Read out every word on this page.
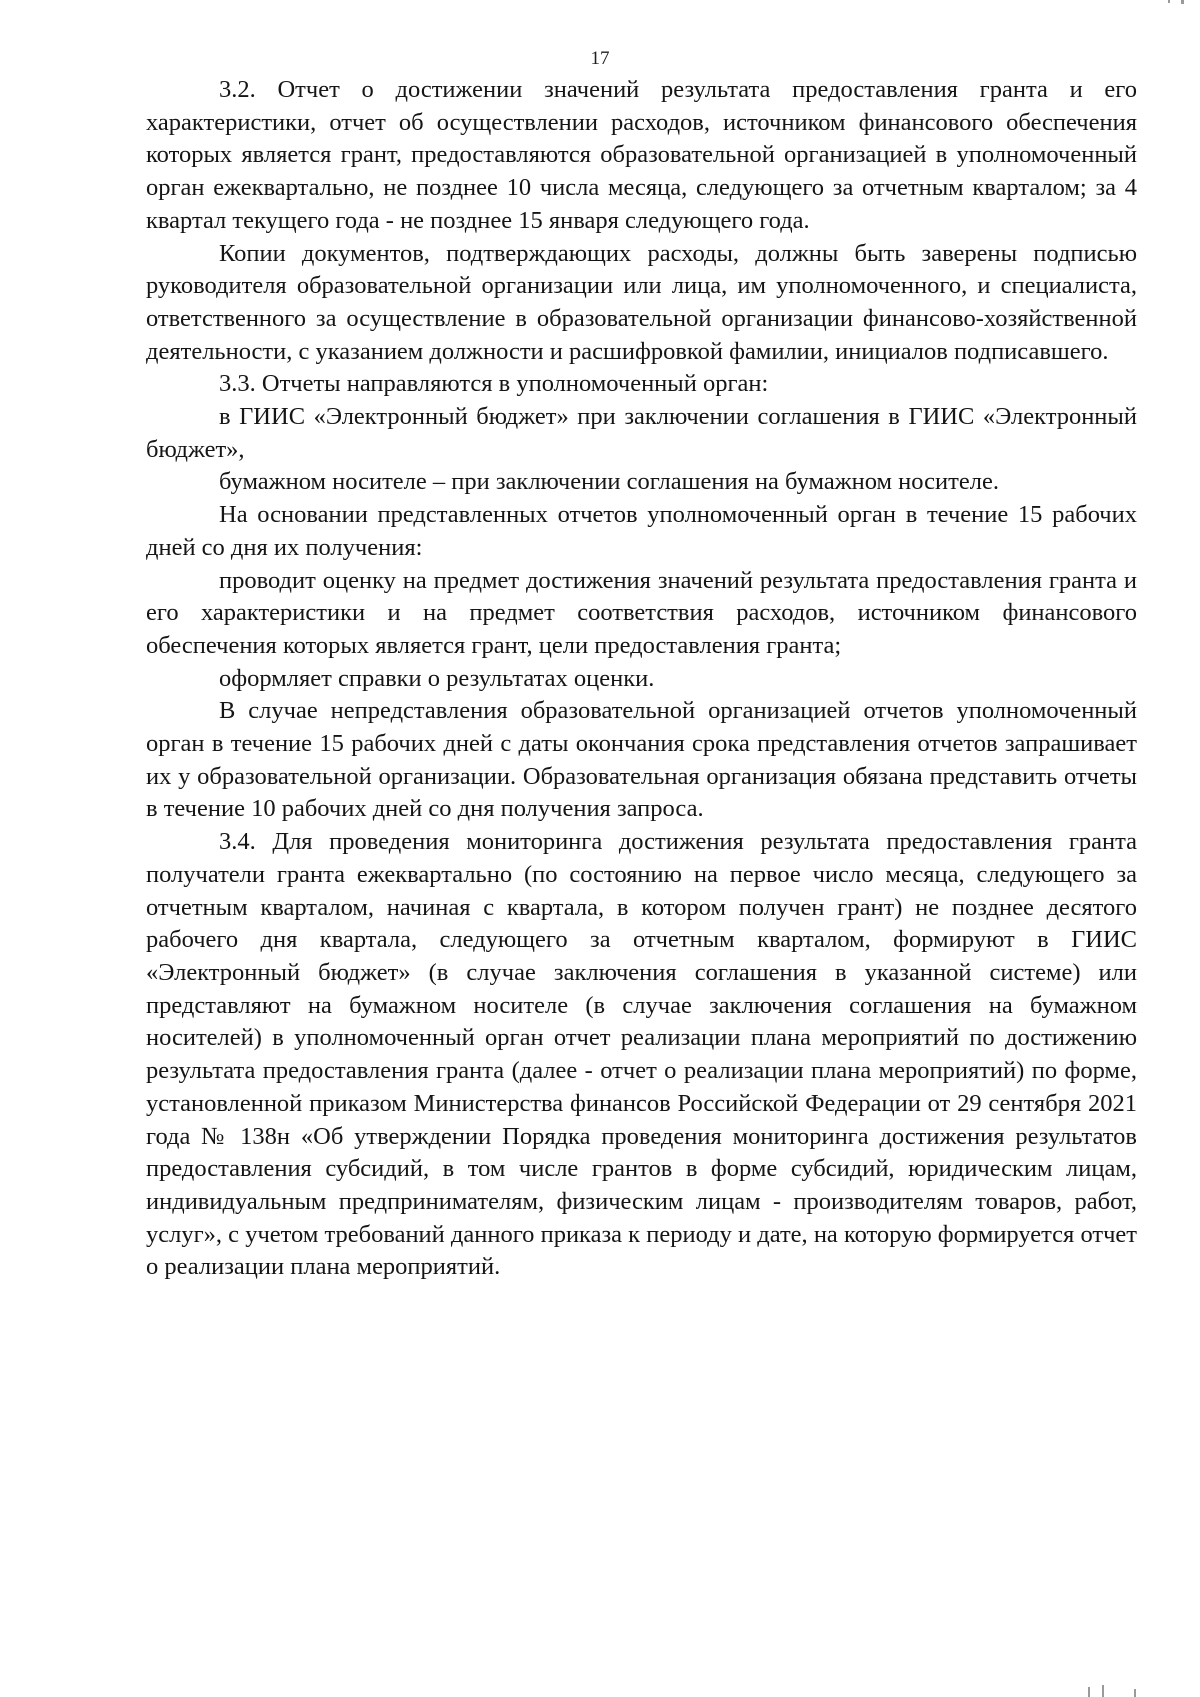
17

3.2. Отчет о достижении значений результата предоставления гранта и его характеристики, отчет об осуществлении расходов, источником финансового обеспечения которых является грант, предоставляются образовательной организацией в уполномоченный орган ежеквартально, не позднее 10 числа месяца, следующего за отчетным кварталом; за 4 квартал текущего года - не позднее 15 января следующего года.

Копии документов, подтверждающих расходы, должны быть заверены подписью руководителя образовательной организации или лица, им уполномоченного, и специалиста, ответственного за осуществление в образовательной организации финансово-хозяйственной деятельности, с указанием должности и расшифровкой фамилии, инициалов подписавшего.

3.3. Отчеты направляются в уполномоченный орган:

в ГИИС «Электронный бюджет» при заключении соглашения в ГИИС «Электронный бюджет»,

бумажном носителе – при заключении соглашения на бумажном носителе.

На основании представленных отчетов уполномоченный орган в течение 15 рабочих дней со дня их получения:

проводит оценку на предмет достижения значений результата предоставления гранта и его характеристики и на предмет соответствия расходов, источником финансового обеспечения которых является грант, цели предоставления гранта;

оформляет справки о результатах оценки.

В случае непредставления образовательной организацией отчетов уполномоченный орган в течение 15 рабочих дней с даты окончания срока представления отчетов запрашивает их у образовательной организации. Образовательная организация обязана представить отчеты в течение 10 рабочих дней со дня получения запроса.

3.4. Для проведения мониторинга достижения результата предоставления гранта получатели гранта ежеквартально (по состоянию на первое число месяца, следующего за отчетным кварталом, начиная с квартала, в котором получен грант) не позднее десятого рабочего дня квартала, следующего за отчетным кварталом, формируют в ГИИС «Электронный бюджет» (в случае заключения соглашения в указанной системе) или представляют на бумажном носителе (в случае заключения соглашения на бумажном носителей) в уполномоченный орган отчет реализации плана мероприятий по достижению результата предоставления гранта (далее - отчет о реализации плана мероприятий) по форме, установленной приказом Министерства финансов Российской Федерации от 29 сентября 2021 года № 138н «Об утверждении Порядка проведения мониторинга достижения результатов предоставления субсидий, в том числе грантов в форме субсидий, юридическим лицам, индивидуальным предпринимателям, физическим лицам - производителям товаров, работ, услуг», с учетом требований данного приказа к периоду и дате, на которую формируется отчет о реализации плана мероприятий.
